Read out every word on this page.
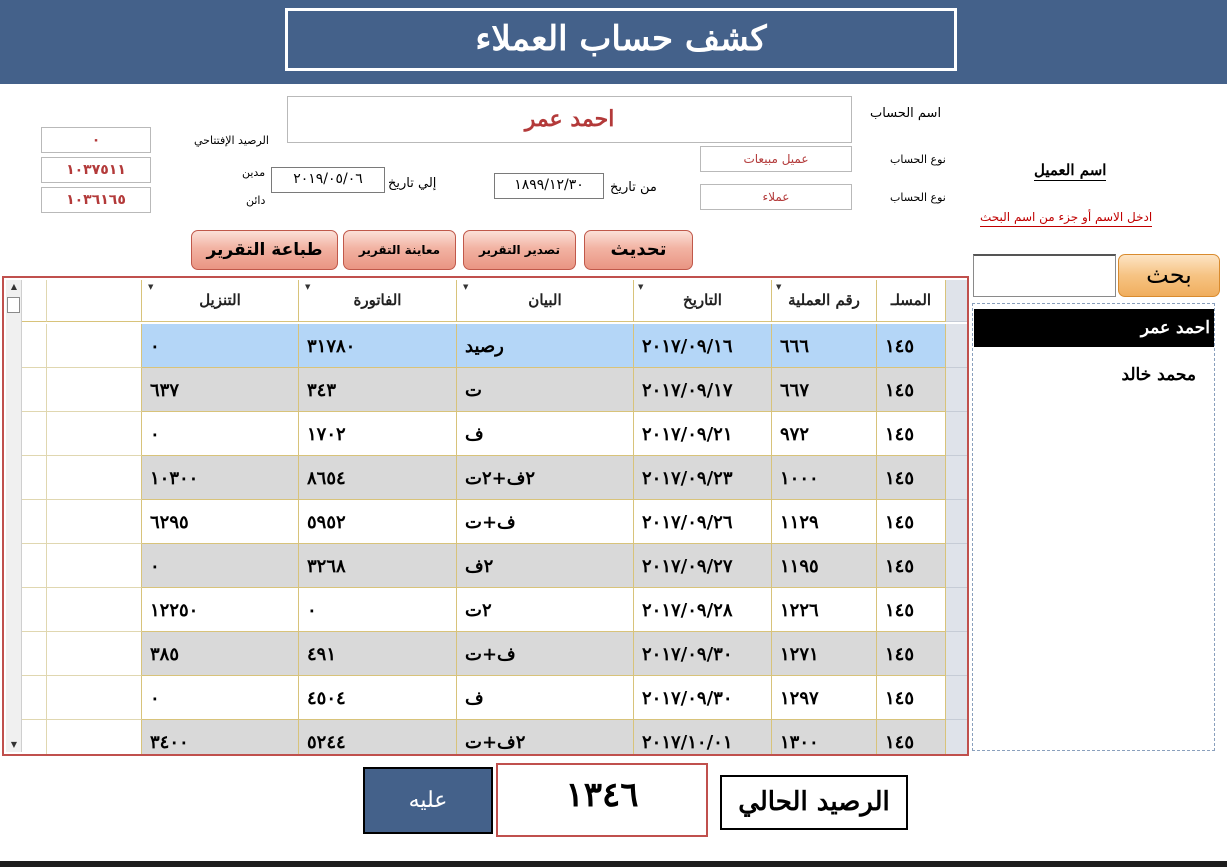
كشف حساب العملاء
اسم الحساب
احمد عمر
نوع الحساب
عميل مبيعات
نوع الحساب
عملاء
من تاريخ
١٨٩٩/١٢/٣٠
إلي تاريخ
٢٠١٩/٠٥/٠٦
الرصيد الإفتتاحي
مدين
دائن
٠
١٠٣٧٥١١
١٠٣٦١٦٥
طباعة التقرير	معاينة التقرير	تصدير التقرير	تحديث
▲
▼
▼
التنزيل
▼
الفاتورة
▼
البيان
▼
التاريخ
▼
رقم العملية	المسلـ
٠	٣١٧٨٠	رصيد	٢٠١٧/٠٩/١٦	٦٦٦	١٤٥
٦٣٧	٣٤٣	ت	٢٠١٧/٠٩/١٧	٦٦٧	١٤٥
٠	١٧٠٢	ف	٢٠١٧/٠٩/٢١	٩٧٢	١٤٥
١٠٣٠٠	٨٦٥٤	٢ف+٢ت	٢٠١٧/٠٩/٢٣	١٠٠٠	١٤٥
٦٢٩٥	٥٩٥٢	ف+ت	٢٠١٧/٠٩/٢٦	١١٢٩	١٤٥
٠	٣٢٦٨	٢ف	٢٠١٧/٠٩/٢٧	١١٩٥	١٤٥
١٢٢٥٠	٠	٢ت	٢٠١٧/٠٩/٢٨	١٢٢٦	١٤٥
٣٨٥	٤٩١	ف+ت	٢٠١٧/٠٩/٣٠	١٢٧١	١٤٥
٠	٤٥٠٤	ف	٢٠١٧/٠٩/٣٠	١٢٩٧	١٤٥
٣٤٠٠	٥٢٤٤	٢ف+ت	٢٠١٧/١٠/٠١	١٣٠٠	١٤٥
اسم العميل
ادخل الاسم أو جزء من اسم البحث
بحث
احمد عمر
محمد خالد
الرصيد الحالي
١٣٤٦
عليه
